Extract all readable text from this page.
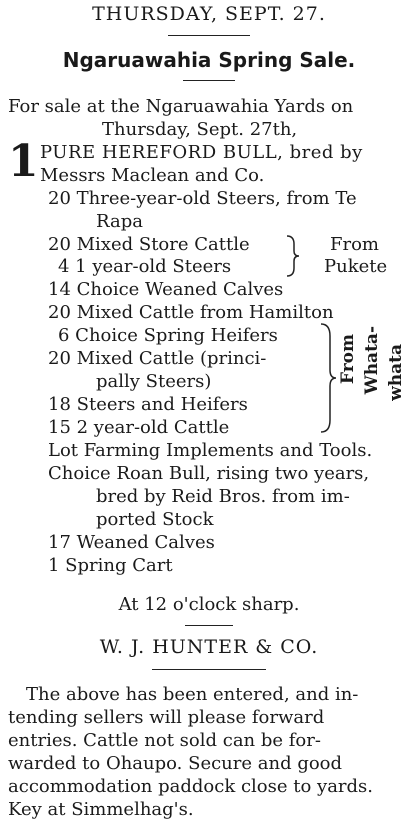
THURSDAY, SEPT. 27.
Ngaruawahia Spring Sale.
For sale at the Ngaruawahia Yards on
Thursday, Sept. 27th,
1 PURE HEREFORD BULL, bred by
Messrs Maclean and Co.
20 Three-year-old Steers, from Te
Rapa
20 Mixed Store Cattle
4 1 year-old Steers
14 Choice Weaned Calves
20 Mixed Cattle from Hamilton
6 Choice Spring Heifers
20 Mixed Cattle (princi-
pally Steers)
18 Steers and Heifers
15 2 year-old Cattle
Lot Farming Implements and Tools.
Choice Roan Bull, rising two years,
bred by Reid Bros. from im-
ported Stock
17 Weaned Calves
1 Spring Cart
From
Pukete
From Whata- whata
At 12 o'clock sharp.
W. J. HUNTER & CO.
The above has been entered, and in-
tending sellers will please forward
entries. Cattle not sold can be for-
warded to Ohaupo. Secure and good
accommodation paddock close to yards.
Key at Simmelhag's.
